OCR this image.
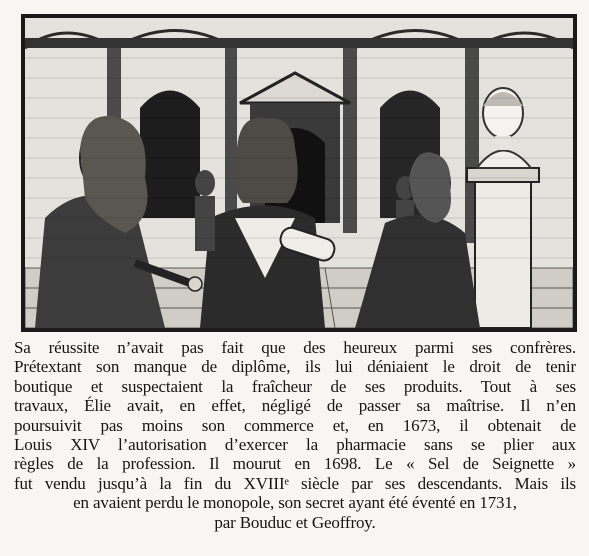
Sa réussite n’avait pas fait que des heureux parmi ses confrères.
Prétextant son manque de diplôme, ils lui déniaient le droit de tenir
boutique et suspectaient la fraîcheur de ses produits. Tout à ses
travaux, Élie avait, en effet, négligé de passer sa maîtrise. Il n’en
poursuivit pas moins son commerce et, en 1673, il obtenait de
Louis XIV l’autorisation d’exercer la pharmacie sans se plier aux
règles de la profession. Il mourut en 1698. Le « Sel de Seignette »
fut vendu jusqu’à la fin du XVIIIᵉ siècle par ses descendants. Mais ils
en avaient perdu le monopole, son secret ayant été éventé en 1731,
par Bouduc et Geoffroy.
